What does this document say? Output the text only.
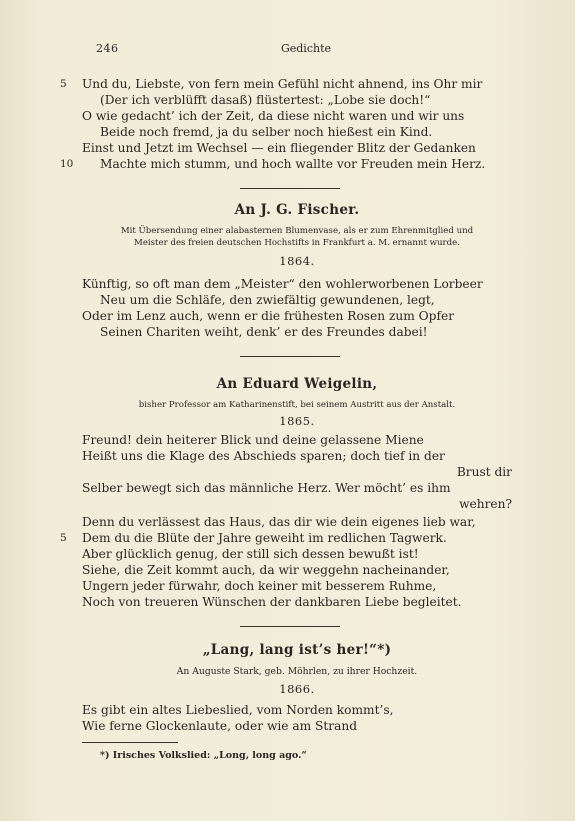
246	Gedichte
5 Und du, Liebste, von fern mein Gefühl nicht ahnend, ins Ohr mir
(Der ich verblüfft dasaß) flüstertest: „Lobe sie doch!“
O wie gedacht’ ich der Zeit, da diese nicht waren und wir uns
Beide noch fremd, ja du selber noch hießest ein Kind.
Einst und Jetzt im Wechsel — ein fliegender Blitz der Gedanken
10 Machte mich stumm, und hoch wallte vor Freuden mein Herz.
An J. G. Fischer.
Mit Übersendung einer alabasternen Blumenvase, als er zum Ehrenmitglied und
Meister des freien deutschen Hochstifts in Frankfurt a. M. ernannt wurde.
1864.
Künftig, so oft man dem „Meister“ den wohlerworbenen Lorbeer
Neu um die Schläfe, den zwiefältig gewundenen, legt,
Oder im Lenz auch, wenn er die frühesten Rosen zum Opfer
Seinen Chariten weiht, denk’ er des Freundes dabei!
An Eduard Weigelin,
bisher Professor am Katharinenstift, bei seinem Austritt aus der Anstalt.
1865.
Freund! dein heiterer Blick und deine gelassene Miene
Heißt uns die Klage des Abschieds sparen; doch tief in der
Brust dir
Selber bewegt sich das männliche Herz. Wer möcht’ es ihm
wehren?
Denn du verlässest das Haus, das dir wie dein eigenes lieb war,
5 Dem du die Blüte der Jahre geweiht im redlichen Tagwerk.
Aber glücklich genug, der still sich dessen bewußt ist!
Siehe, die Zeit kommt auch, da wir weggehn nacheinander,
Ungern jeder fürwahr, doch keiner mit besserem Ruhme,
Noch von treueren Wünschen der dankbaren Liebe begleitet.
„Lang, lang ist’s her!“*)
An Auguste Stark, geb. Möhrlen, zu ihrer Hochzeit.
1866.
Es gibt ein altes Liebeslied, vom Norden kommt’s,
Wie ferne Glockenlaute, oder wie am Strand
*) Irisches Volkslied: „Long, long ago.“
